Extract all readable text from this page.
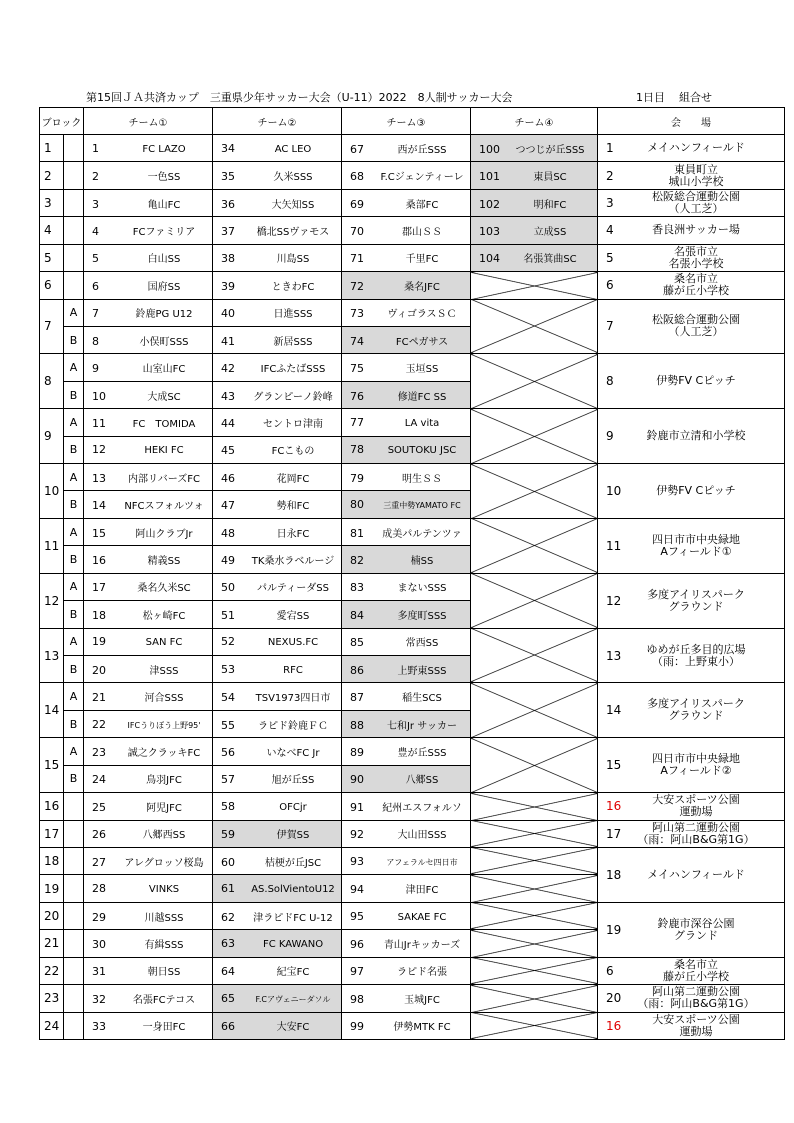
第15回ＪＡ共済カップ　三重県少年サッカー大会（U-11）2022　8人制サッカー大会	1日目 組合せ
ブロック		チーム①	チーム②	チーム③	チーム④	会　　場
1		1 FC LAZO	34 AC LEO	67 西が丘SSS	100 つつじが丘SSS	1 メイハンフィールド

2		2 一色SS	35 久米SSS	68 F.Cジェンティーレ	101 東員SC	2 東員町立
城山小学校

3		3 亀山FC	36 大矢知SS	69 桑部FC	102 明和FC	3 松阪総合運動公園
（人工芝）

4		4 FCファミリア	37 橋北SSヴァモス	70 郡山ＳＳ	103 立成SS	4 香良洲サッカー場

5		5 白山SS	38 川島SS	71 千里FC	104 名張箕曲SC	5 名張市立
名張小学校

6		6 国府SS	39 ときわFC	72 桑名JFC		6 桑名市立
藤が丘小学校

7	A	7 鈴鹿PG U12	40 日進SSS	73 ヴィゴラスＳＣ		7 松阪総合運動公園
（人工芝）

	B	8 小俣町SSS	41 新居SSS	74 FCペガサス		
8	A	9 山室山FC	42 IFCふたばSSS	75 玉垣SS		8 伊勢FV Cピッチ

	B	10 大成SC	43 グランピーノ鈴峰	76 修道FC SS		
9	A	11 FC　TOMIDA	44 セントロ津南	77 LA vita		9 鈴鹿市立清和小学校

	B	12 HEKI FC	45 FCこもの	78 SOUTOKU JSC		
10	A	13 内部リバーズFC	46 花岡FC	79 明生ＳＳ		10 伊勢FV Cピッチ

	B	14 NFCスフォルツォ	47 勢和FC	80 三重中勢YAMATO FC		
11	A	15 阿山クラブJr	48 日永FC	81 成美パルテンツァ		11 四日市市中央緑地
Aフィールド①

	B	16 精義SS	49 TK桑水ラベルージ	82 楠SS		
12	A	17 桑名久米SC	50 パルティーダSS	83 まないSSS		12 多度アイリスパーク
グラウンド

	B	18 松ヶ崎FC	51 愛宕SS	84 多度町SSS		
13	A	19 SAN FC	52 NEXUS.FC	85 常西SS		13 ゆめが丘多目的広場
（雨：上野東小）

	B	20 津SSS	53 RFC	86 上野東SSS		
14	A	21 河合SSS	54 TSV1973四日市	87 稲生SCS		14 多度アイリスパーク
グラウンド

	B	22 IFCうりぼう上野95'	55 ラピド鈴鹿ＦＣ	88 七和Jr サッカー		
15	A	23 誠之クラッキFC	56 いなべFC Jr	89 豊が丘SSS		15 四日市市中央緑地
Aフィールド②

	B	24 鳥羽JFC	57 旭が丘SS	90 八郷SS		
16		25 阿児JFC	58 OFCjr	91 紀州エスフォルソ		16 大安スポーツ公園
運動場

17		26 八郷西SS	59 伊賀SS	92 大山田SSS		17 阿山第二運動公園
（雨：阿山B&G第1G）

18		27 アレグロッソ桜島	60 桔梗が丘JSC	93 アフェラルセ四日市		18 メイハンフィールド

19		28 VINKS	61 AS.SolVientoU12	94 津田FC		
20		29 川越SSS	62 津ラピドFC U-12	95 SAKAE FC		19 鈴鹿市深谷公園
グランド

21		30 有緝SSS	63 FC KAWANO	96 青山Jrキッカーズ		
22		31 朝日SS	64 紀宝FC	97 ラピド名張		6 桑名市立
藤が丘小学校

23		32 名張FCテコス	65 F.Cアヴェニーダソル	98 玉城JFC		20 阿山第二運動公園
（雨：阿山B&G第1G）

24		33 一身田FC	66 大安FC	99 伊勢MTK FC		16 大安スポーツ公園
運動場
